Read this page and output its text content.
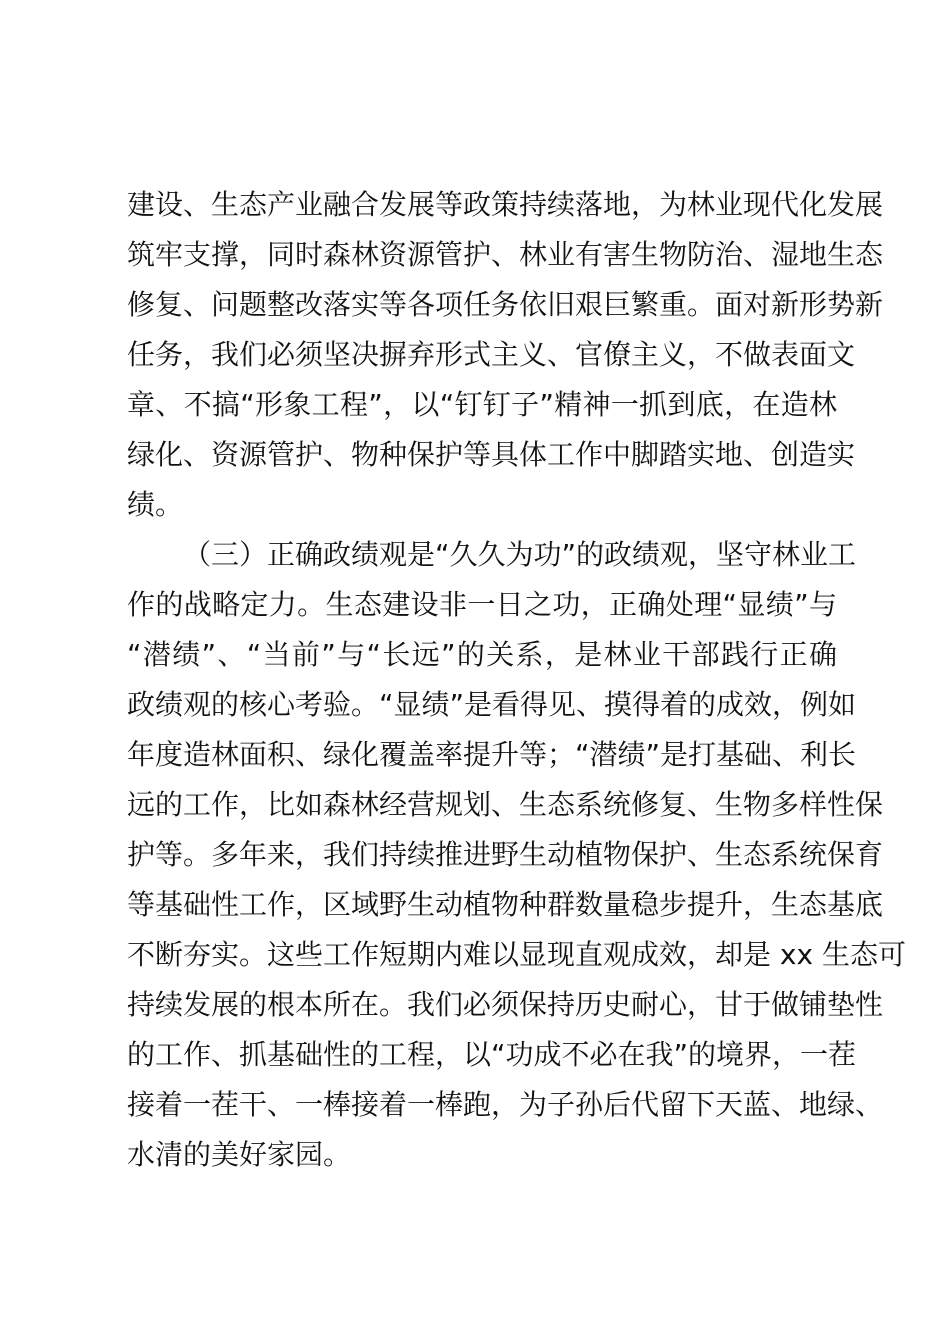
建设、生态产业融合发展等政策持续落地，为林业现代化发展
筑牢支撑，同时森林资源管护、林业有害生物防治、湿地生态
修复、问题整改落实等各项任务依旧艰巨繁重。面对新形势新
任务，我们必须坚决摒弃形式主义、官僚主义，不做表面文
章、不搞“形象工程”，以“钉钉子”精神一抓到底，在造林
绿化、资源管护、物种保护等具体工作中脚踏实地、创造实
绩。
（三）正确政绩观是“久久为功”的政绩观，坚守林业工
作的战略定力。生态建设非一日之功，正确处理“显绩”与
“潜绩”、“当前”与“长远”的关系，是林业干部践行正确
政绩观的核心考验。“显绩”是看得见、摸得着的成效，例如
年度造林面积、绿化覆盖率提升等；“潜绩”是打基础、利长
远的工作，比如森林经营规划、生态系统修复、生物多样性保
护等。多年来，我们持续推进野生动植物保护、生态系统保育
等基础性工作，区域野生动植物种群数量稳步提升，生态基底
不断夯实。这些工作短期内难以显现直观成效，却是 xx 生态可
持续发展的根本所在。我们必须保持历史耐心，甘于做铺垫性
的工作、抓基础性的工程，以“功成不必在我”的境界，一茬
接着一茬干、一棒接着一棒跑，为子孙后代留下天蓝、地绿、
水清的美好家园。
